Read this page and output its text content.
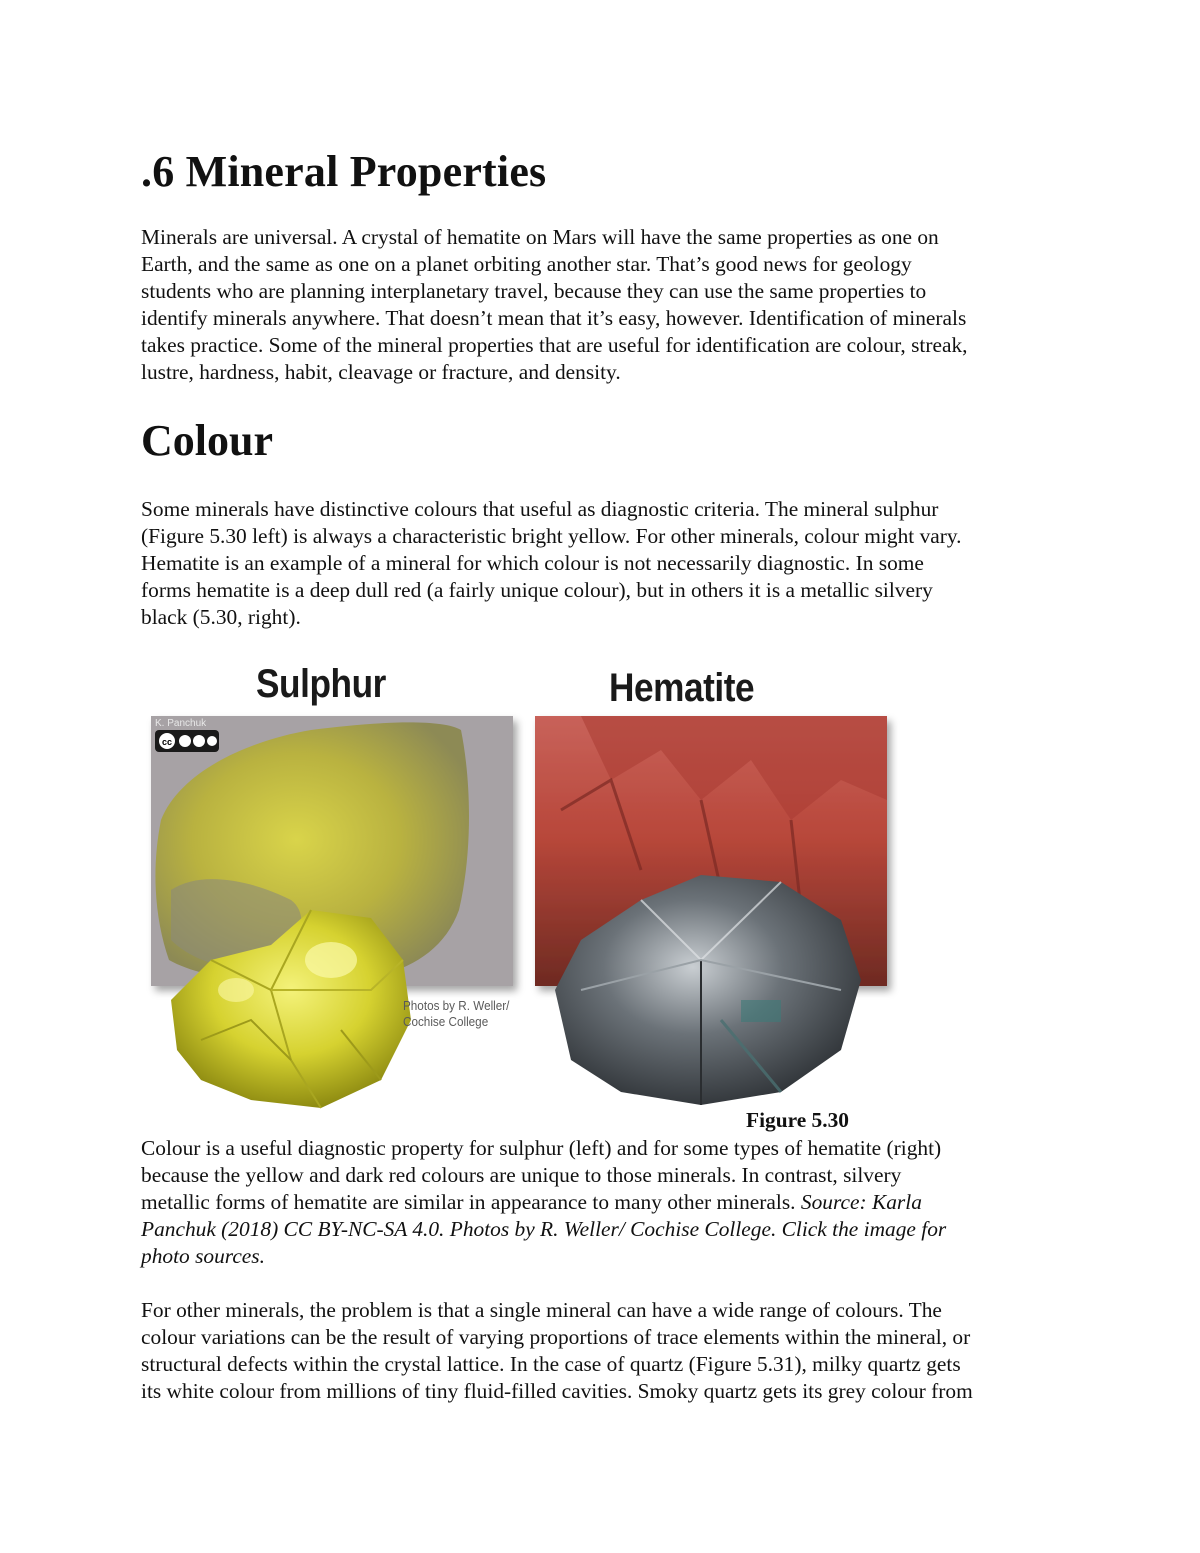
.6 Mineral Properties

Minerals are universal. A crystal of hematite on Mars will have the same properties as one on
Earth, and the same as one on a planet orbiting another star. That’s good news for geology
students who are planning interplanetary travel, because they can use the same properties to
identify minerals anywhere. That doesn’t mean that it’s easy, however. Identification of minerals
takes practice. Some of the mineral properties that are useful for identification are colour, streak,
lustre, hardness, habit, cleavage or fracture, and density.

Colour

Some minerals have distinctive colours that useful as diagnostic criteria. The mineral sulphur
(Figure 5.30 left) is always a characteristic bright yellow. For other minerals, colour might vary.
Hematite is an example of a mineral for which colour is not necessarily diagnostic. In some
forms hematite is a deep dull red (a fairly unique colour), but in others it is a metallic silvery
black (5.30, right).

Sulphur	Hematite
cc
K. Panchuk
Photos by R. Weller/
Cochise College

Figure 5.30

Colour is a useful diagnostic property for sulphur (left) and for some types of hematite (right)
because the yellow and dark red colours are unique to those minerals. In contrast, silvery
metallic forms of hematite are similar in appearance to many other minerals. Source: Karla
Panchuk (2018) CC BY-NC-SA 4.0. Photos by R. Weller/ Cochise College. Click the image for
photo sources.

For other minerals, the problem is that a single mineral can have a wide range of colours. The
colour variations can be the result of varying proportions of trace elements within the mineral, or
structural defects within the crystal lattice. In the case of quartz (Figure 5.31), milky quartz gets
its white colour from millions of tiny fluid-filled cavities. Smoky quartz gets its grey colour from
